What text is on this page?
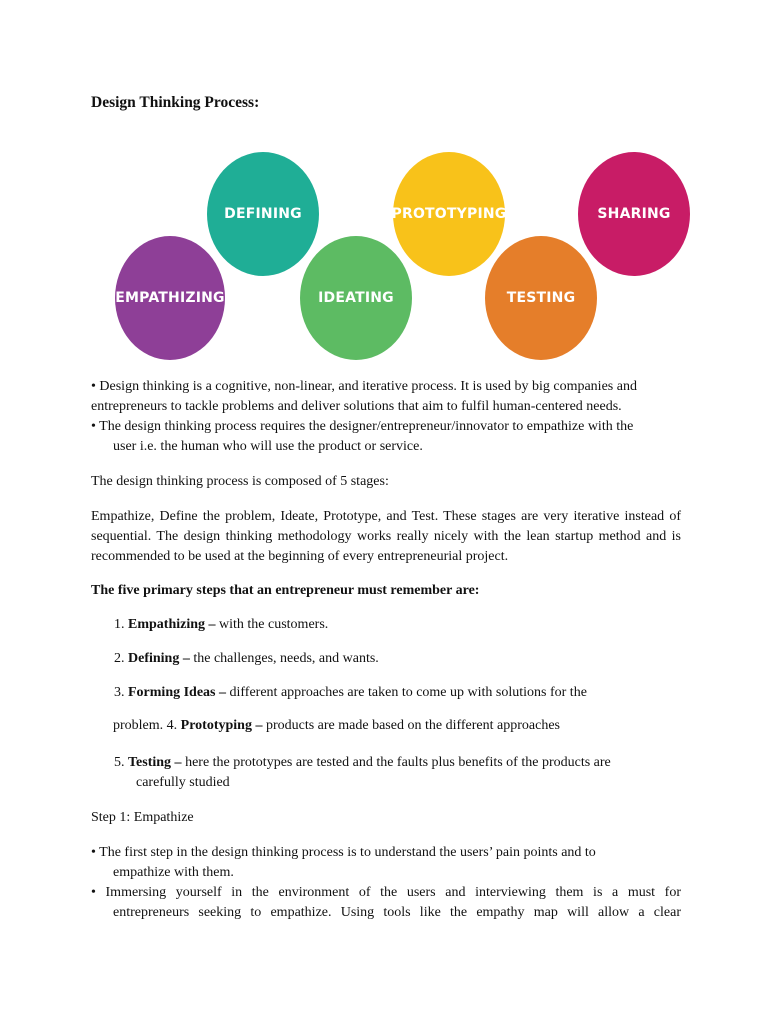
Design Thinking Process:
EMPATHIZING
DEFINING
IDEATING
PROTOTYPING
TESTING
SHARING
• Design thinking is a cognitive, non-linear, and iterative process. It is used by big companies and
entrepreneurs to tackle problems and deliver solutions that aim to fulfil human-centered needs.
• The design thinking process requires the designer/entrepreneur/innovator to empathize with the
user i.e. the human who will use the product or service.

The design thinking process is composed of 5 stages:

Empathize, Define the problem, Ideate, Prototype, and Test. These stages are very iterative instead of sequential. The design thinking methodology works really nicely with the lean startup method and is recommended to be used at the beginning of every entrepreneurial project.

The five primary steps that an entrepreneur must remember are:

1. Empathizing – with the customers.

2. Defining – the challenges, needs, and wants.

3. Forming Ideas – different approaches are taken to come up with solutions for the

problem. 4. Prototyping – products are made based on the different approaches

5. Testing – here the prototypes are tested and the faults plus benefits of the products are
carefully studied

Step 1: Empathize

• The first step in the design thinking process is to understand the users’ pain points and to
empathize with them.
• Immersing yourself in the environment of the users and interviewing them is a must for
entrepreneurs seeking to empathize. Using tools like the empathy map will allow a clear
